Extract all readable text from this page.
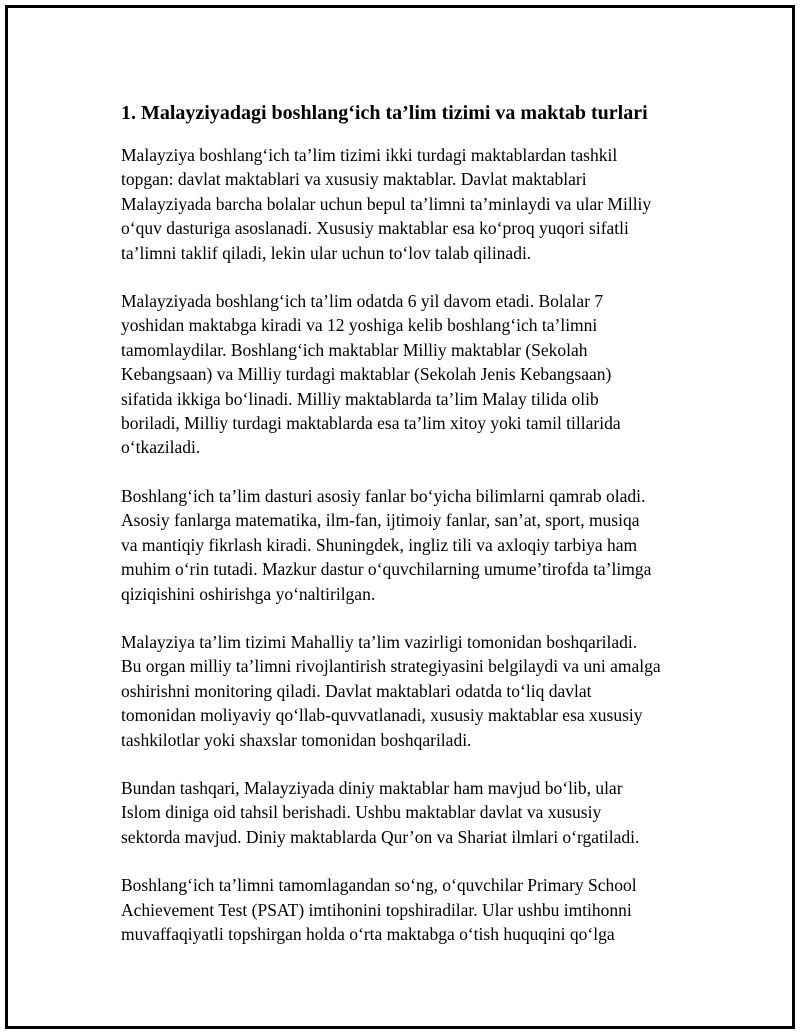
1. Malayziyadagi boshlang‘ich ta’lim tizimi va maktab turlari

Malayziya boshlang‘ich ta’lim tizimi ikki turdagi maktablardan tashkil
topgan: davlat maktablari va xususiy maktablar. Davlat maktablari
Malayziyada barcha bolalar uchun bepul ta’limni ta’minlaydi va ular Milliy
o‘quv dasturiga asoslanadi. Xususiy maktablar esa ko‘proq yuqori sifatli
ta’limni taklif qiladi, lekin ular uchun to‘lov talab qilinadi.

Malayziyada boshlang‘ich ta’lim odatda 6 yil davom etadi. Bolalar 7
yoshidan maktabga kiradi va 12 yoshiga kelib boshlang‘ich ta’limni
tamomlaydilar. Boshlang‘ich maktablar Milliy maktablar (Sekolah
Kebangsaan) va Milliy turdagi maktablar (Sekolah Jenis Kebangsaan)
sifatida ikkiga bo‘linadi. Milliy maktablarda ta’lim Malay tilida olib
boriladi, Milliy turdagi maktablarda esa ta’lim xitoy yoki tamil tillarida
o‘tkaziladi.

Boshlang‘ich ta’lim dasturi asosiy fanlar bo‘yicha bilimlarni qamrab oladi.
Asosiy fanlarga matematika, ilm-fan, ijtimoiy fanlar, san’at, sport, musiqa
va mantiqiy fikrlash kiradi. Shuningdek, ingliz tili va axloqiy tarbiya ham
muhim o‘rin tutadi. Mazkur dastur o‘quvchilarning umume’tirofda ta’limga
qiziqishini oshirishga yo‘naltirilgan.

Malayziya ta’lim tizimi Mahalliy ta’lim vazirligi tomonidan boshqariladi.
Bu organ milliy ta’limni rivojlantirish strategiyasini belgilaydi va uni amalga
oshirishni monitoring qiladi. Davlat maktablari odatda to‘liq davlat
tomonidan moliyaviy qo‘llab-quvvatlanadi, xususiy maktablar esa xususiy
tashkilotlar yoki shaxslar tomonidan boshqariladi.

Bundan tashqari, Malayziyada diniy maktablar ham mavjud bo‘lib, ular
Islom diniga oid tahsil berishadi. Ushbu maktablar davlat va xususiy
sektorda mavjud. Diniy maktablarda Qur’on va Shariat ilmlari o‘rgatiladi.

Boshlang‘ich ta’limni tamomlagandan so‘ng, o‘quvchilar Primary School
Achievement Test (PSAT) imtihonini topshiradilar. Ular ushbu imtihonni
muvaffaqiyatli topshirgan holda o‘rta maktabga o‘tish huquqini qo‘lga
